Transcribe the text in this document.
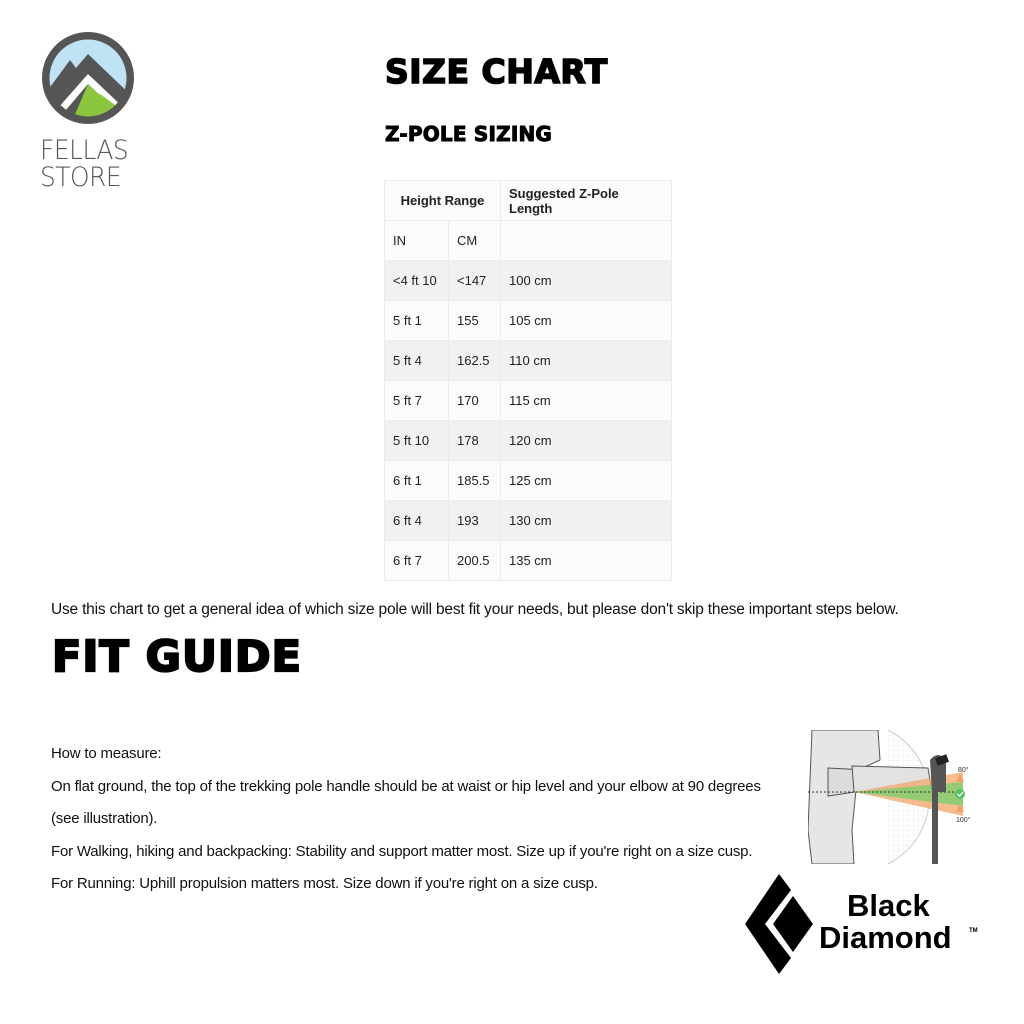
FELLAS
STORE
SIZE CHART
Z-POLE SIZING
Height Range		Suggested Z-Pole Length
IN	CM	
<4 ft 10	<147	100 cm
5 ft 1	155	105 cm
5 ft 4	162.5	110 cm
5 ft 7	170	115 cm
5 ft 10	178	120 cm
6 ft 1	185.5	125 cm
6 ft 4	193	130 cm
6 ft 7	200.5	135 cm
Use this chart to get a general idea of which size pole will best fit your needs, but please don't skip these important steps below.
FIT GUIDE

How to measure:

On flat ground, the top of the trekking pole handle should be at waist or hip level and your elbow at 90 degrees (see illustration).

For Walking, hiking and backpacking: Stability and support matter most. Size up if you're right on a size cusp.

For Running: Uphill propulsion matters most. Size down if you're right on a size cusp.

80°
100°
Black
Diamond	TM
